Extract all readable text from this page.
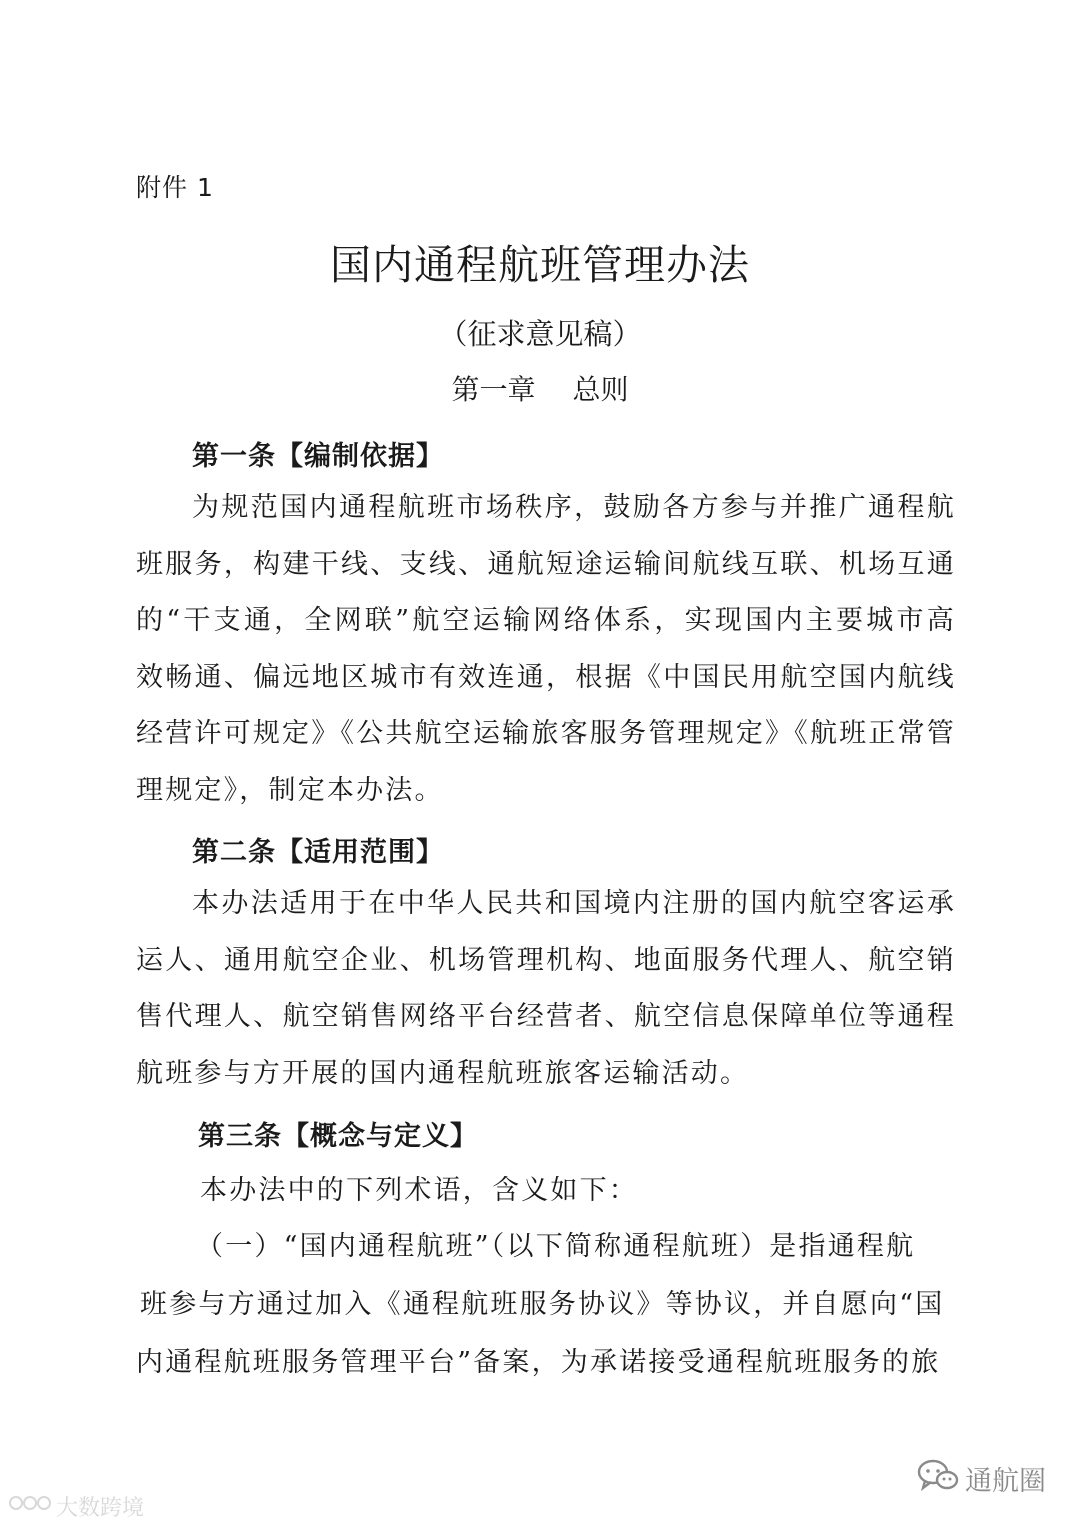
附件 1
国内通程航班管理办法
（征求意见稿）
第一章　 总则
第一条【编制依据】

为规范国内通程航班市场秩序，鼓励各方参与并推广通程航班服务，构建干线、支线、通航短途运输间航线互联、机场互通的“干支通，全网联”航空运输网络体系，实现国内主要城市高效畅通、偏远地区城市有效连通，根据《中国民用航空国内航线经营许可规定》《公共航空运输旅客服务管理规定》《航班正常管理规定》，制定本办法。

第二条【适用范围】

本办法适用于在中华人民共和国境内注册的国内航空客运承运人、通用航空企业、机场管理机构、地面服务代理人、航空销售代理人、航空销售网络平台经营者、航空信息保障单位等通程航班参与方开展的国内通程航班旅客运输活动。

第三条【概念与定义】
本办法中的下列术语，含义如下：
（一）“国内通程航班”（以下简称通程航班）是指通程航
班参与方通过加入《通程航班服务协议》等协议，并自愿向“国
内通程航班服务管理平台”备案，为承诺接受通程航班服务的旅
大数跨境
通航圈
